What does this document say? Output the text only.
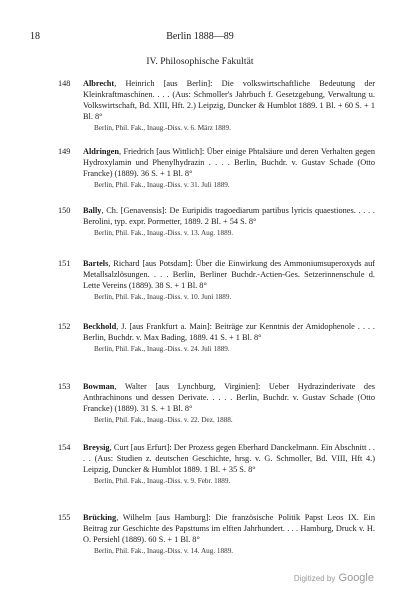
18	Berlin 1888—89
IV. Philosophische Fakultät
148 Albrecht, Heinrich [aus Berlin]: Die volkswirtschaftliche Bedeutung der Kleinkraftmaschinen. . . . (Aus: Schmoller's Jahrbuch f. Gesetzgebung, Verwaltung u. Volkswirtschaft, Bd. XIII, Hft. 2.) Leipzig, Duncker & Humblot 1889. 1 Bl. + 60 S. + 1 Bl. 8°
Berlin, Phil. Fak., Inaug.-Diss. v. 6. März 1889.
149 Aldringen, Friedrich [aus Wittlich]: Über einige Phtalsäure und deren Verhalten gegen Hydroxylamin und Phenylhydrazin . . . . Berlin, Buchdr. v. Gustav Schade (Otto Francke) (1889). 36 S. + 1 Bl. 8°
Berlin, Phil. Fak., Inaug.-Diss. v. 31. Juli 1889.
150 Bally, Ch. [Genavensis]: De Euripidis tragoediarum partibus lyricis quaestiones. . . . . Berolini, typ. expr. Pormetter, 1889. 2 Bl. + 54 S. 8°
Berlin, Phil. Fak., Inaug.-Diss. v. 13. Aug. 1889.
151 Bartels, Richard [aus Potsdam]: Über die Einwirkung des Ammoniumsuperoxyds auf Metallsalzlösungen. . . . Berlin, Berliner Buchdr.-Actien-Ges. Setzerinnenschule d. Lette Vereins (1889). 38 S. + 1 Bl. 8°
Berlin, Phil. Fak., Inaug.-Diss. v. 10. Juni 1889.
152 Beckhold, J. [aus Frankfurt a. Main]: Beiträge zur Kenntnis der Amidophenole . . . . Berlin, Buchdr. v. Max Bading, 1889. 41 S. + 1 Bl. 8°
Berlin, Phil. Fak., Inaug.-Diss. v. 24. Juli 1889.
153 Bowman, Walter [aus Lynchburg, Virginien]: Ueber Hydrazinderivate des Anthrachinons und dessen Derivate. . . . . Berlin, Buchdr. v. Gustav Schade (Otto Francke) (1889). 31 S. + 1 Bl. 8°
Berlin, Phil. Fak., Inaug.-Diss. v. 22. Dez. 1888.
154 Breysig, Curt [aus Erfurt]: Der Prozess gegen Eberhard Danckelmann. Ein Abschnitt . . . . (Aus: Studien z. deutschen Geschichte, hrsg. v. G. Schmoller, Bd. VIII, Hft 4.) Leipzig, Duncker & Humblot 1889. 1 Bl. + 35 S. 8°
Berlin, Phil. Fak., Inaug.-Diss. v. 9. Febr. 1889.
155 Brücking, Wilhelm [aus Hamburg]: Die französische Politik Papst Leos IX. Ein Beitrag zur Geschichte des Papsttums im elften Jahrhundert. . . . Hamburg, Druck v. H. O. Persiehl (1889). 60 S. + 1 Bl. 8°
Berlin, Phil. Fak., Inaug.-Diss. v. 14. Aug. 1889.
Digitized by Google
